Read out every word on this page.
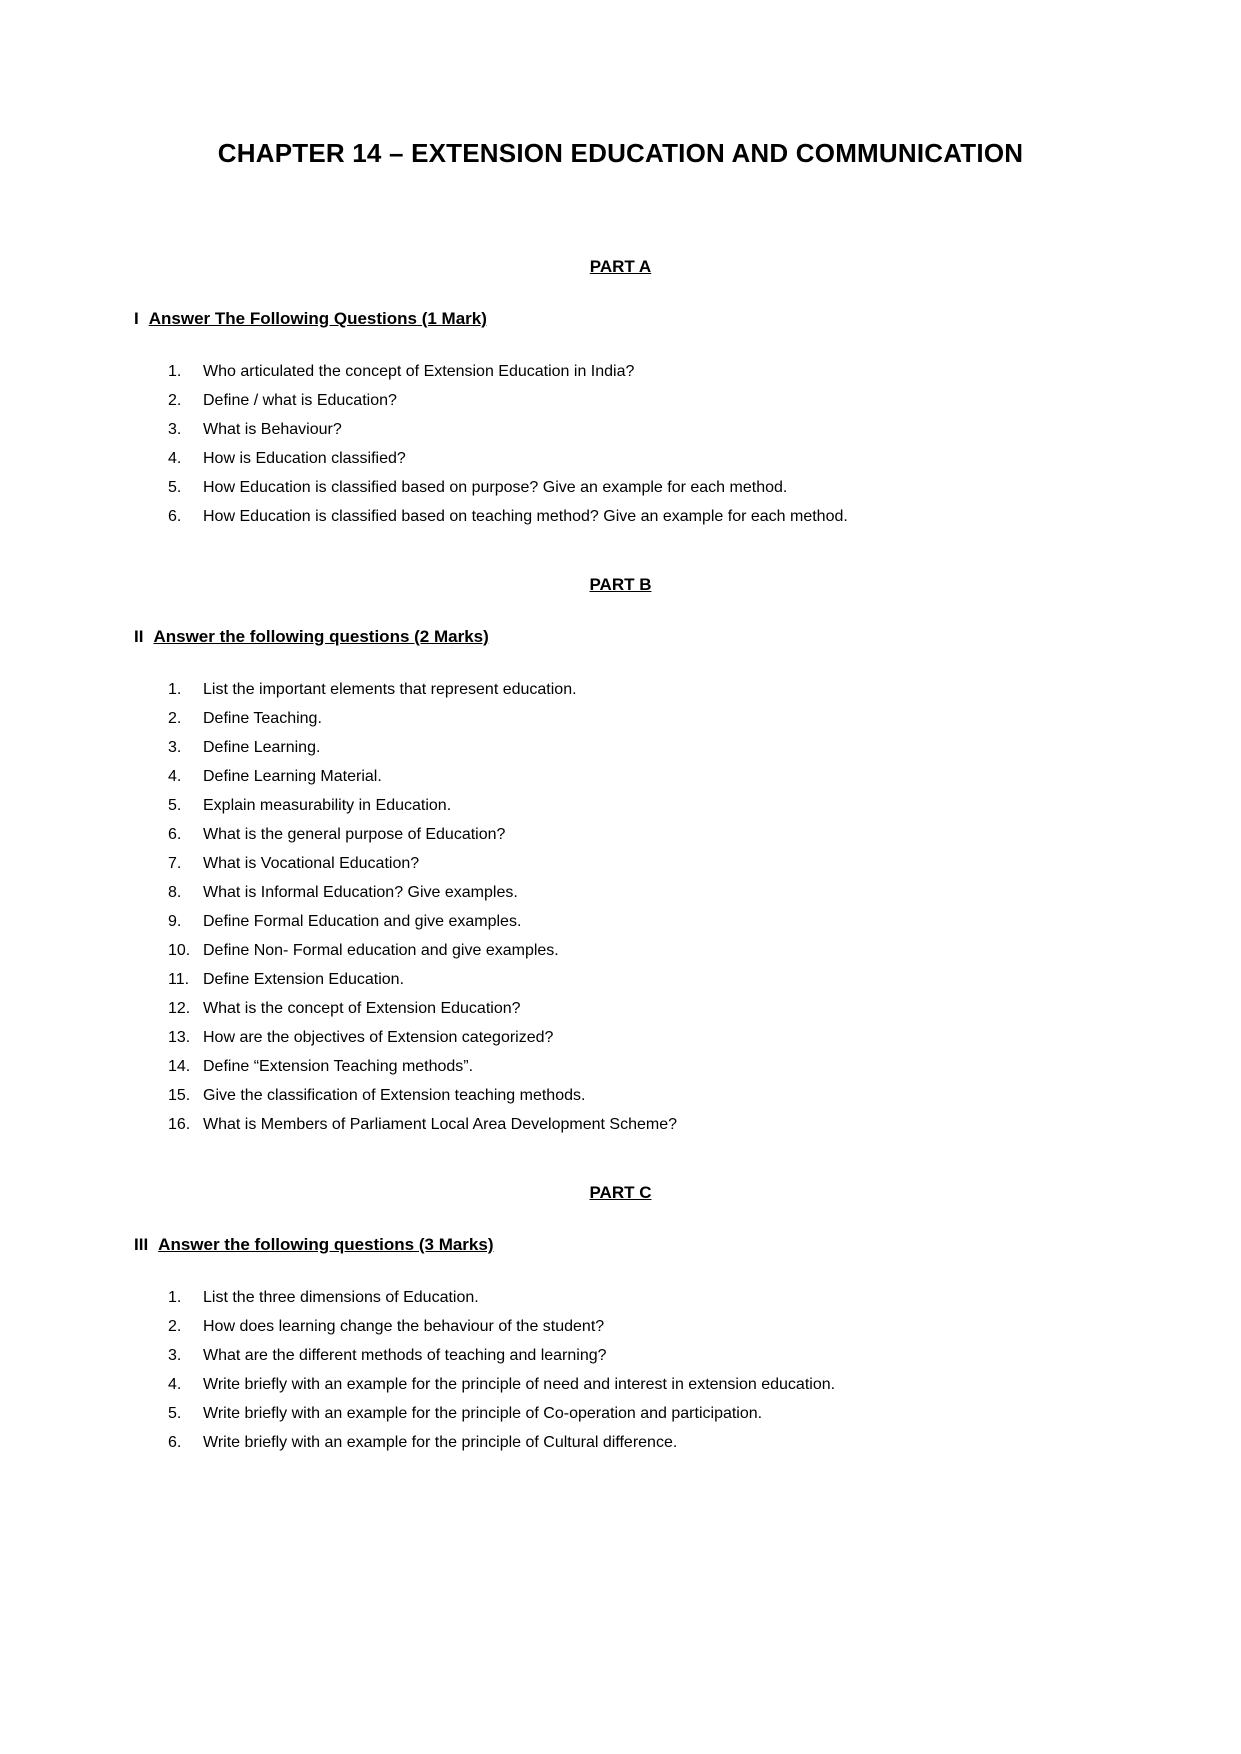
CHAPTER 14 – EXTENSION EDUCATION AND COMMUNICATION
PART A
I Answer The Following Questions (1 Mark)
1.	Who articulated the concept of Extension Education in India?
2.	Define / what is Education?
3.	What is Behaviour?
4.	How is Education classified?
5.	How Education is classified based on purpose? Give an example for each method.
6.	How Education is classified based on teaching method? Give an example for each method.
PART B
II Answer the following questions (2 Marks)
1.	List the important elements that represent education.
2.	Define Teaching.
3.	Define Learning.
4.	Define Learning Material.
5.	Explain measurability in Education.
6.	What is the general purpose of Education?
7.	What is Vocational Education?
8.	What is Informal Education? Give examples.
9.	Define Formal Education and give examples.
10. Define Non- Formal education and give examples.
11. Define Extension Education.
12. What is the concept of Extension Education?
13. How are the objectives of Extension categorized?
14. Define “Extension Teaching methods”.
15. Give the classification of Extension teaching methods.
16. What is Members of Parliament Local Area Development Scheme?
PART C
III Answer the following questions (3 Marks)
1.	List the three dimensions of Education.
2.	How does learning change the behaviour of the student?
3.	What are the different methods of teaching and learning?
4.	Write briefly with an example for the principle of need and interest in extension education.
5.	Write briefly with an example for the principle of Co-operation and participation.
6.	Write briefly with an example for the principle of Cultural difference.
